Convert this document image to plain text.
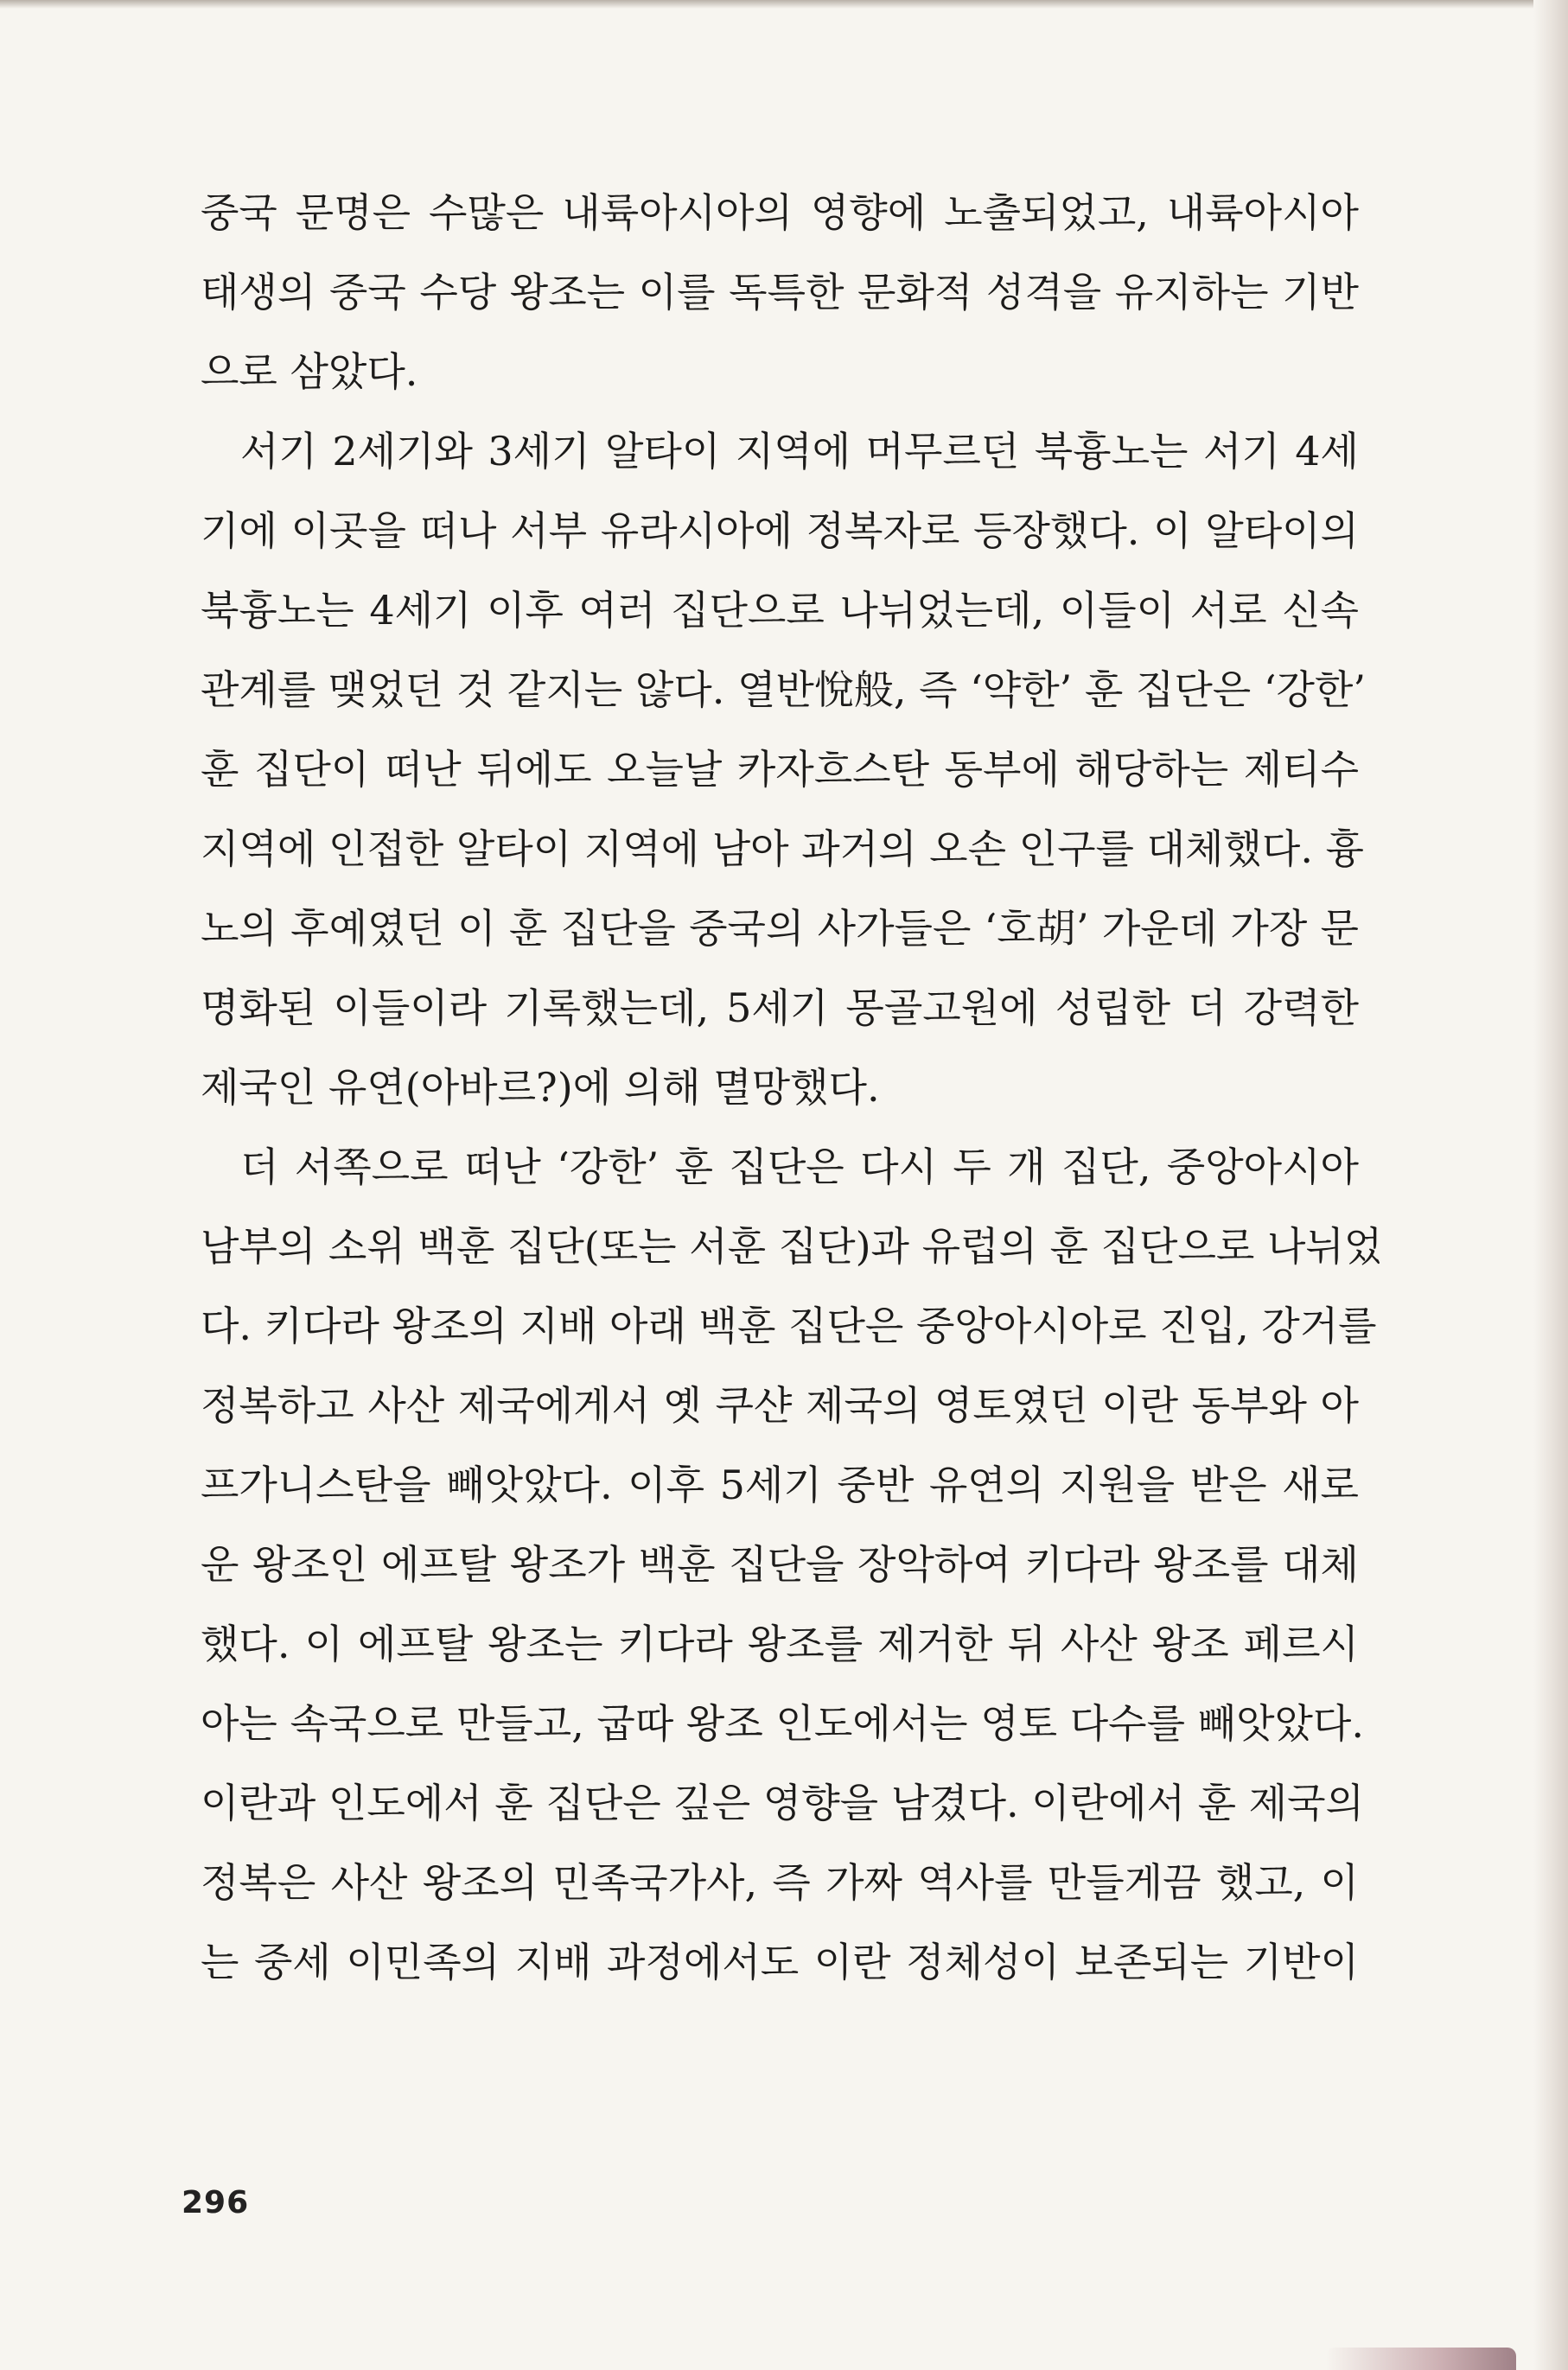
중국 문명은 수많은 내륙아시아의 영향에 노출되었고, 내륙아시아
태생의 중국 수당 왕조는 이를 독특한 문화적 성격을 유지하는 기반
으로 삼았다.
서기 2세기와 3세기 알타이 지역에 머무르던 북흉노는 서기 4세
기에 이곳을 떠나 서부 유라시아에 정복자로 등장했다. 이 알타이의
북흉노는 4세기 이후 여러 집단으로 나뉘었는데, 이들이 서로 신속
관계를 맺었던 것 같지는 않다. 열반悅般, 즉 ‘약한’ 훈 집단은 ‘강한’
훈 집단이 떠난 뒤에도 오늘날 카자흐스탄 동부에 해당하는 제티수
지역에 인접한 알타이 지역에 남아 과거의 오손 인구를 대체했다. 흉
노의 후예였던 이 훈 집단을 중국의 사가들은 ‘호胡’ 가운데 가장 문
명화된 이들이라 기록했는데, 5세기 몽골고원에 성립한 더 강력한
제국인 유연(아바르?)에 의해 멸망했다.
더 서쪽으로 떠난 ‘강한’ 훈 집단은 다시 두 개 집단, 중앙아시아
남부의 소위 백훈 집단(또는 서훈 집단)과 유럽의 훈 집단으로 나뉘었
다. 키다라 왕조의 지배 아래 백훈 집단은 중앙아시아로 진입, 강거를
정복하고 사산 제국에게서 옛 쿠샨 제국의 영토였던 이란 동부와 아
프가니스탄을 빼앗았다. 이후 5세기 중반 유연의 지원을 받은 새로
운 왕조인 에프탈 왕조가 백훈 집단을 장악하여 키다라 왕조를 대체
했다. 이 에프탈 왕조는 키다라 왕조를 제거한 뒤 사산 왕조 페르시
아는 속국으로 만들고, 굽따 왕조 인도에서는 영토 다수를 빼앗았다.
이란과 인도에서 훈 집단은 깊은 영향을 남겼다. 이란에서 훈 제국의
정복은 사산 왕조의 민족국가사, 즉 가짜 역사를 만들게끔 했고, 이
는 중세 이민족의 지배 과정에서도 이란 정체성이 보존되는 기반이
296
